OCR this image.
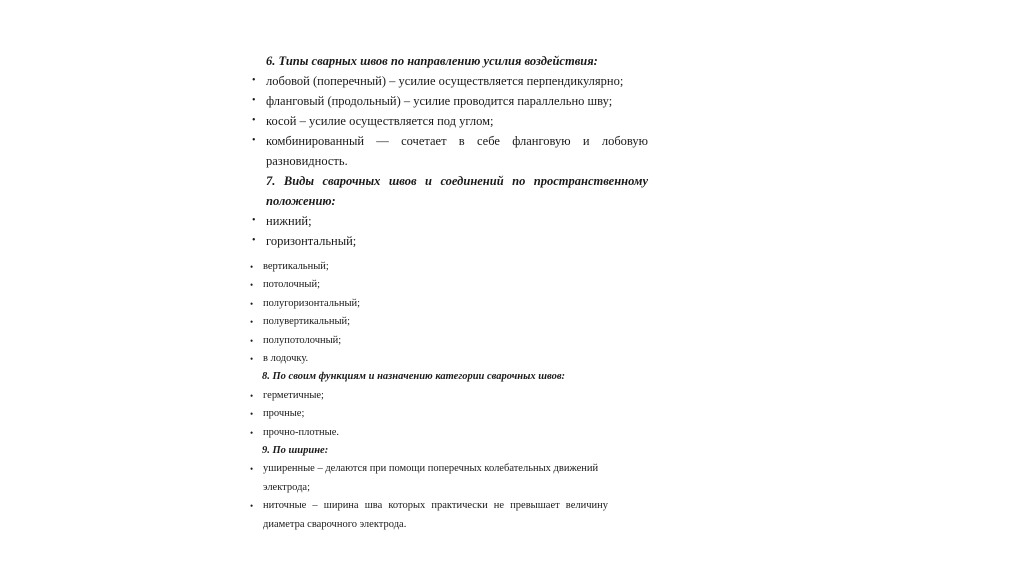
6. Типы сварных швов по направлению усилия воздействия:

• лобовой (поперечный) – усилие осуществляется перпендикулярно;
• фланговый (продольный) – усилие проводится параллельно шву;
• косой – усилие осуществляется под углом;
• комбинированный — сочетает в себе фланговую и лобовую
разновидность.

7. Виды сварочных швов и соединений по пространственному

положению:

• нижний;
• горизонтальный;
• вертикальный;
• потолочный;
• полугоризонтальный;
• полувертикальный;
• полупотолочный;
• в лодочку.

8. По своим функциям и назначению категории сварочных швов:

• герметичные;
• прочные;
• прочно-плотные.

9. По ширине:

• уширенные – делаются при помощи поперечных колебательных движений
электрода;
• ниточные – ширина шва которых практически не превышает величину
диаметра сварочного электрода.
